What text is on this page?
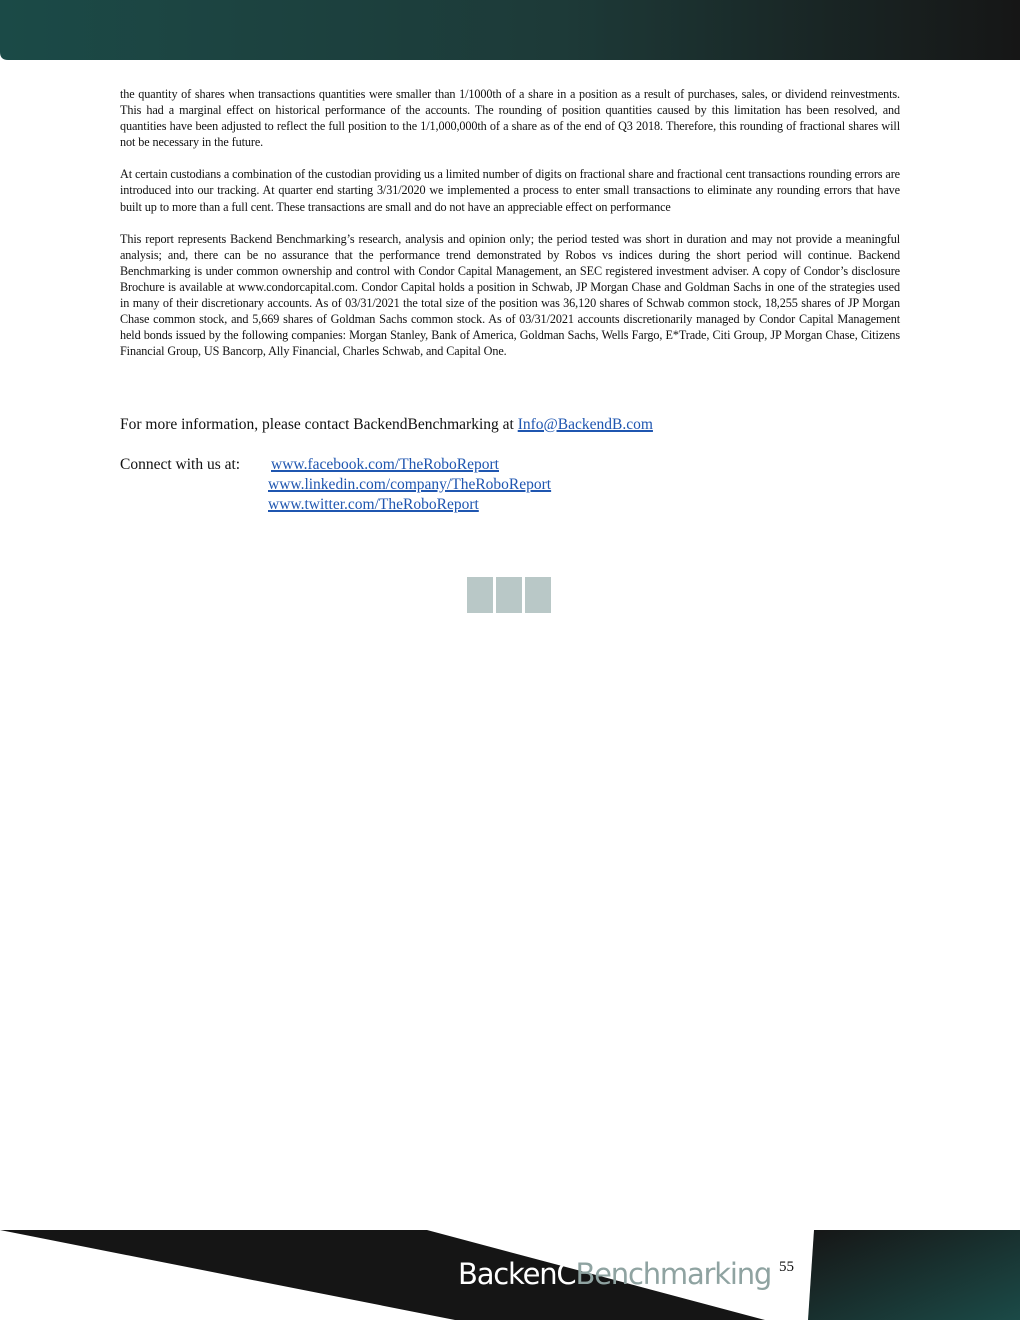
the quantity of shares when transactions quantities were smaller than 1/1000th of a share in a position as a result of purchases, sales, or dividend reinvestments. This had a marginal effect on historical performance of the accounts. The rounding of position quantities caused by this limitation has been resolved, and quantities have been adjusted to reflect the full position to the 1/1,000,000th of a share as of the end of Q3 2018. Therefore, this rounding of fractional shares will not be necessary in the future.

At certain custodians a combination of the custodian providing us a limited number of digits on fractional share and fractional cent transactions rounding errors are introduced into our tracking. At quarter end starting 3/31/2020 we implemented a process to enter small transactions to eliminate any rounding errors that have built up to more than a full cent. These transactions are small and do not have an appreciable effect on performance

This report represents Backend Benchmarking’s research, analysis and opinion only; the period tested was short in duration and may not provide a meaningful analysis; and, there can be no assurance that the performance trend demonstrated by Robos vs indices during the short period will continue. Backend Benchmarking is under common ownership and control with Condor Capital Management, an SEC registered investment adviser. A copy of Condor’s disclosure Brochure is available at www.condorcapital.com. Condor Capital holds a position in Schwab, JP Morgan Chase and Goldman Sachs in one of the strategies used in many of their discretionary accounts. As of 03/31/2021 the total size of the position was 36,120 shares of Schwab common stock, 18,255 shares of JP Morgan Chase common stock, and 5,669 shares of Goldman Sachs common stock. As of 03/31/2021 accounts discretionarily managed by Condor Capital Management held bonds issued by the following companies: Morgan Stanley, Bank of America, Goldman Sachs, Wells Fargo, E*Trade, Citi Group, JP Morgan Chase, Citizens Financial Group, US Bancorp, Ally Financial, Charles Schwab, and Capital One.

For more information, please contact BackendBenchmarking at Info@BackendB.com
Connect with us at: www.facebook.com/TheRoboReport
www.linkedin.com/company/TheRoboReport
www.twitter.com/TheRoboReport
BackenCBenchmarking 55
